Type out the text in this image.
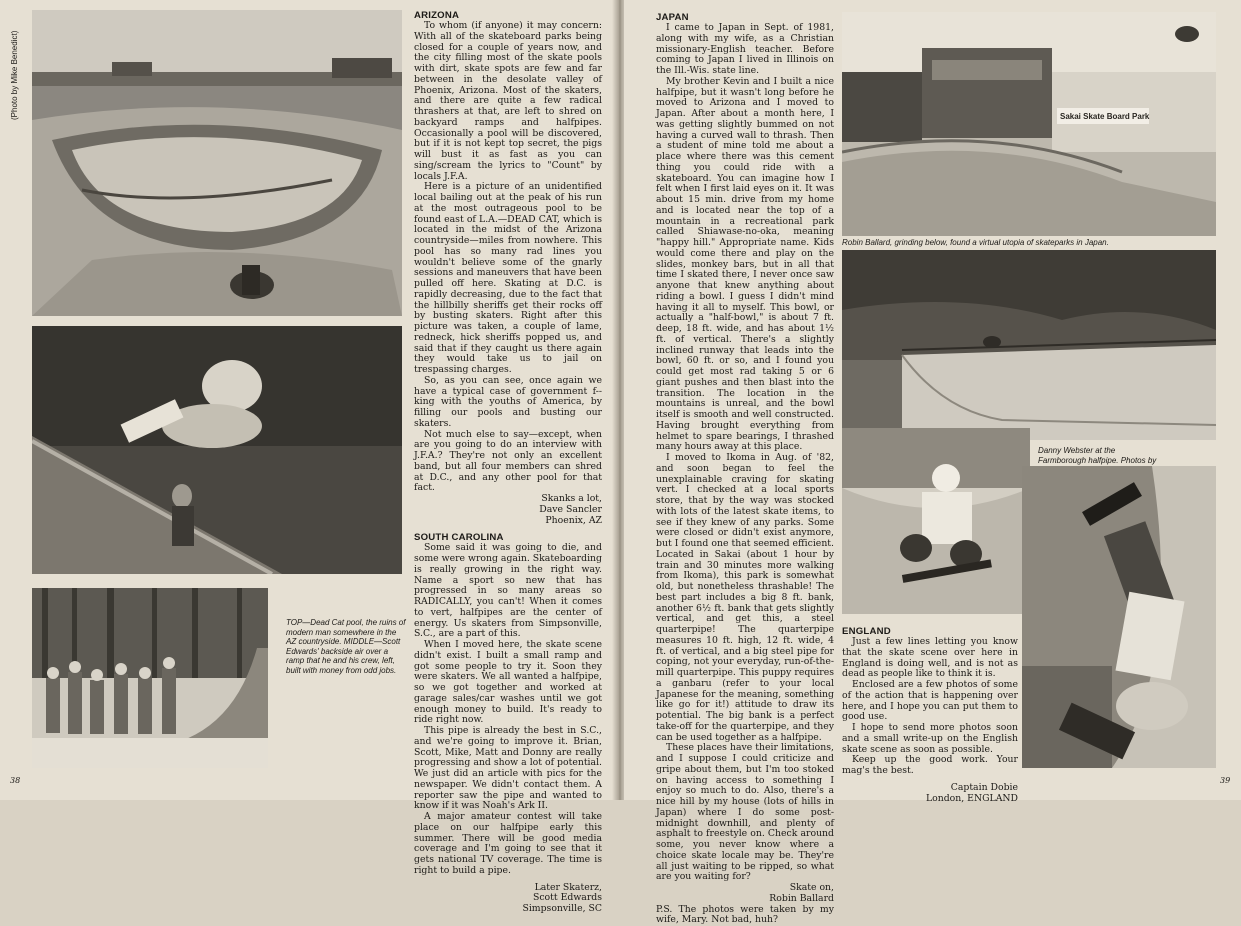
(Photo by Mike Benedict)
TOP—Dead Cat pool, the ruins of modern man somewhere in the AZ countryside. MIDDLE—Scott Edwards' backside air over a ramp that he and his crew, left, built with money from odd jobs.
ARIZONA

To whom (if anyone) it may concern: With all of the skateboard parks being closed for a couple of years now, and the city filling most of the skate pools with dirt, skate spots are few and far between in the desolate valley of Phoenix, Arizona. Most of the skaters, and there are quite a few radical thrashers at that, are left to shred on backyard ramps and halfpipes. Occasionally a pool will be discovered, but if it is not kept top secret, the pigs will bust it as fast as you can sing/scream the lyrics to "Count" by locals J.F.A.

Here is a picture of an unidentified local bailing out at the peak of his run at the most outrageous pool to be found east of L.A.—DEAD CAT, which is located in the midst of the Arizona countryside—miles from nowhere. This pool has so many rad lines you wouldn't believe some of the gnarly sessions and maneuvers that have been pulled off here. Skating at D.C. is rapidly decreasing, due to the fact that the hillbilly sheriffs get their rocks off by busting skaters. Right after this picture was taken, a couple of lame, redneck, hick sheriffs popped us, and said that if they caught us there again they would take us to jail on trespassing charges.

So, as you can see, once again we have a typical case of government f--king with the youths of America, by filling our pools and busting our skaters.

Not much else to say—except, when are you going to do an interview with J.F.A.? They're not only an excellent band, but all four members can shred at D.C., and any other pool for that fact.

Skanks a lot,

Dave Sancler

Phoenix, AZ

SOUTH CAROLINA

Some said it was going to die, and some were wrong again. Skateboarding is really growing in the right way. Name a sport so new that has progressed in so many areas so RADICALLY, you can't! When it comes to vert, halfpipes are the center of energy. Us skaters from Simpsonville, S.C., are a part of this.

When I moved here, the skate scene didn't exist. I built a small ramp and got some people to try it. Soon they were skaters. We all wanted a halfpipe, so we got together and worked at garage sales/car washes until we got enough money to build. It's ready to ride right now.

This pipe is already the best in S.C., and we're going to improve it. Brian, Scott, Mike, Matt and Donny are really progressing and show a lot of potential. We just did an article with pics for the newspaper. We didn't contact them. A reporter saw the pipe and wanted to know if it was Noah's Ark II.

A major amateur contest will take place on our halfpipe early this summer. There will be good media coverage and I'm going to see that it gets national TV coverage. The time is right to build a pipe.

Later Skaterz,

Scott Edwards

Simpsonville, SC

38
JAPAN

I came to Japan in Sept. of 1981, along with my wife, as a Christian missionary-English teacher. Before coming to Japan I lived in Illinois on the Ill.-Wis. state line.

My brother Kevin and I built a nice halfpipe, but it wasn't long before he moved to Arizona and I moved to Japan. After about a month here, I was getting slightly bummed on not having a curved wall to thrash. Then a student of mine told me about a place where there was this cement thing you could ride with a skateboard. You can imagine how I felt when I first laid eyes on it. It was about 15 min. drive from my home and is located near the top of a mountain in a recreational park called Shiawase-no-oka, meaning "happy hill." Appropriate name. Kids would come there and play on the slides, monkey bars, but in all that time I skated there, I never once saw anyone that knew anything about riding a bowl. I guess I didn't mind having it all to myself. This bowl, or actually a "half-bowl," is about 7 ft. deep, 18 ft. wide, and has about 1½ ft. of vertical. There's a slightly inclined runway that leads into the bowl, 60 ft. or so, and I found you could get most rad taking 5 or 6 giant pushes and then blast into the transition. The location in the mountains is unreal, and the bowl itself is smooth and well constructed. Having brought everything from helmet to spare bearings, I thrashed many hours away at this place.

I moved to Ikoma in Aug. of '82, and soon began to feel the unexplainable craving for skating vert. I checked at a local sports store, that by the way was stocked with lots of the latest skate items, to see if they knew of any parks. Some were closed or didn't exist anymore, but I found one that seemed efficient. Located in Sakai (about 1 hour by train and 30 minutes more walking from Ikoma), this park is somewhat old, but nonetheless thrashable! The best part includes a big 8 ft. bank, another 6½ ft. bank that gets slightly vertical, and get this, a steel quarterpipe! The quarterpipe measures 10 ft. high, 12 ft. wide, 4 ft. of vertical, and a big steel pipe for coping, not your everyday, run-of-the-mill quarterpipe. This puppy requires a ganbaru (refer to your local Japanese for the meaning, something like go for it!) attitude to draw its potential. The big bank is a perfect take-off for the quarterpipe, and they can be used together as a halfpipe.

These places have their limitations, and I suppose I could criticize and gripe about them, but I'm too stoked on having access to something I enjoy so much to do. Also, there's a nice hill by my house (lots of hills in Japan) where I do some post-midnight downhill, and plenty of asphalt to freestyle on. Check around some, you never know where a choice skate locale may be. They're all just waiting to be ripped, so what are you waiting for?

Skate on,

Robin Ballard

P.S. The photos were taken by my wife, Mary. Not bad, huh?

Sakai Skate Board Park
Robin Ballard, grinding below, found a virtual utopia of skateparks in Japan.
Danny Webster at the Farmborough halfpipe. Photos by
ENGLAND

Just a few lines letting you know that the skate scene over here in England is doing well, and is not as dead as people like to think it is.

Enclosed are a few photos of some of the action that is happening over here, and I hope you can put them to good use.

I hope to send more photos soon and a small write-up on the English skate scene as soon as possible.

Keep up the good work. Your mag's the best.

Captain Dobie

London, ENGLAND

39
